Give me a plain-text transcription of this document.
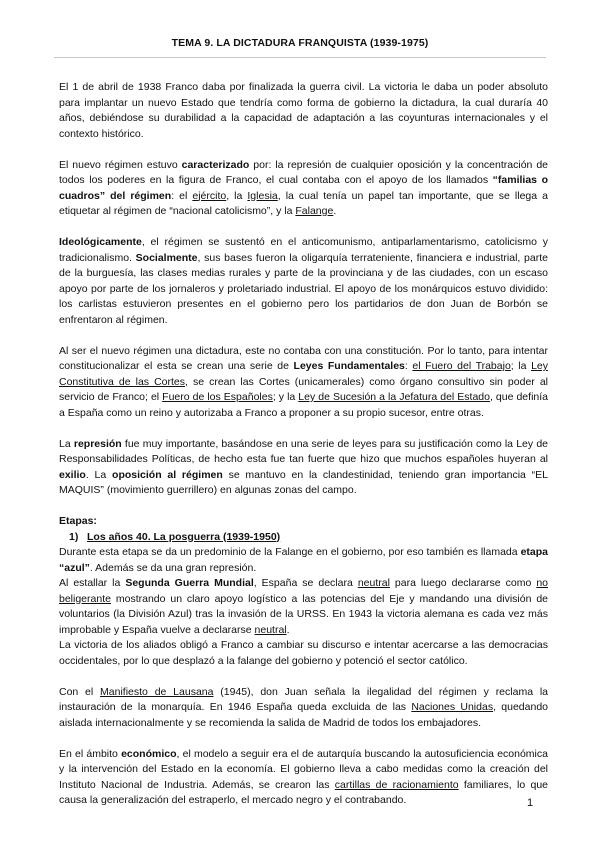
TEMA 9. LA DICTADURA FRANQUISTA (1939-1975)

El 1 de abril de 1938 Franco daba por finalizada la guerra civil. La victoria le daba un poder absoluto para implantar un nuevo Estado que tendría como forma de gobierno la dictadura, la cual duraría 40 años, debiéndose su durabilidad a la capacidad de adaptación a las coyunturas internacionales y el contexto histórico.

El nuevo régimen estuvo caracterizado por: la represión de cualquier oposición y la concentración de todos los poderes en la figura de Franco, el cual contaba con el apoyo de los llamados “familias o cuadros” del régimen: el ejército, la Iglesia, la cual tenía un papel tan importante, que se llega a etiquetar al régimen de “nacional catolicismo”, y la Falange.

Ideológicamente, el régimen se sustentó en el anticomunismo, antiparlamentarismo, catolicismo y tradicionalismo. Socialmente, sus bases fueron la oligarquía terrateniente, financiera e industrial, parte de la burguesía, las clases medias rurales y parte de la provinciana y de las ciudades, con un escaso apoyo por parte de los jornaleros y proletariado industrial. El apoyo de los monárquicos estuvo dividido: los carlistas estuvieron presentes en el gobierno pero los partidarios de don Juan de Borbón se enfrentaron al régimen.

Al ser el nuevo régimen una dictadura, este no contaba con una constitución. Por lo tanto, para intentar constitucionalizar el esta se crean una serie de Leyes Fundamentales: el Fuero del Trabajo; la Ley Constitutiva de las Cortes, se crean las Cortes (unicamerales) como órgano consultivo sin poder al servicio de Franco; el Fuero de los Españoles; y la Ley de Sucesión a la Jefatura del Estado, que definía a España como un reino y autorizaba a Franco a proponer a su propio sucesor, entre otras.

La represión fue muy importante, basándose en una serie de leyes para su justificación como la Ley de Responsabilidades Políticas, de hecho esta fue tan fuerte que hizo que muchos españoles huyeran al exilio. La oposición al régimen se mantuvo en la clandestinidad, teniendo gran importancia “EL MAQUIS” (movimiento guerrillero) en algunas zonas del campo.

Etapas:

1) Los años 40. La posguerra (1939-1950)

Durante esta etapa se da un predominio de la Falange en el gobierno, por eso también es llamada etapa “azul”. Además se da una gran represión.

Al estallar la Segunda Guerra Mundial, España se declara neutral para luego declararse como no beligerante mostrando un claro apoyo logístico a las potencias del Eje y mandando una división de voluntarios (la División Azul) tras la invasión de la URSS. En 1943 la victoria alemana es cada vez más improbable y España vuelve a declararse neutral.

La victoria de los aliados obligó a Franco a cambiar su discurso e intentar acercarse a las democracias occidentales, por lo que desplazó a la falange del gobierno y potenció el sector católico.

Con el Manifiesto de Lausana (1945), don Juan señala la ilegalidad del régimen y reclama la instauración de la monarquía. En 1946 España queda excluida de las Naciones Unidas, quedando aislada internacionalmente y se recomienda la salida de Madrid de todos los embajadores.

En el ámbito económico, el modelo a seguir era el de autarquía buscando la autosuficiencia económica y la intervención del Estado en la economía. El gobierno lleva a cabo medidas como la creación del Instituto Nacional de Industria. Además, se crearon las cartillas de racionamiento familiares, lo que causa la generalización del estraperlo, el mercado negro y el contrabando.	1
